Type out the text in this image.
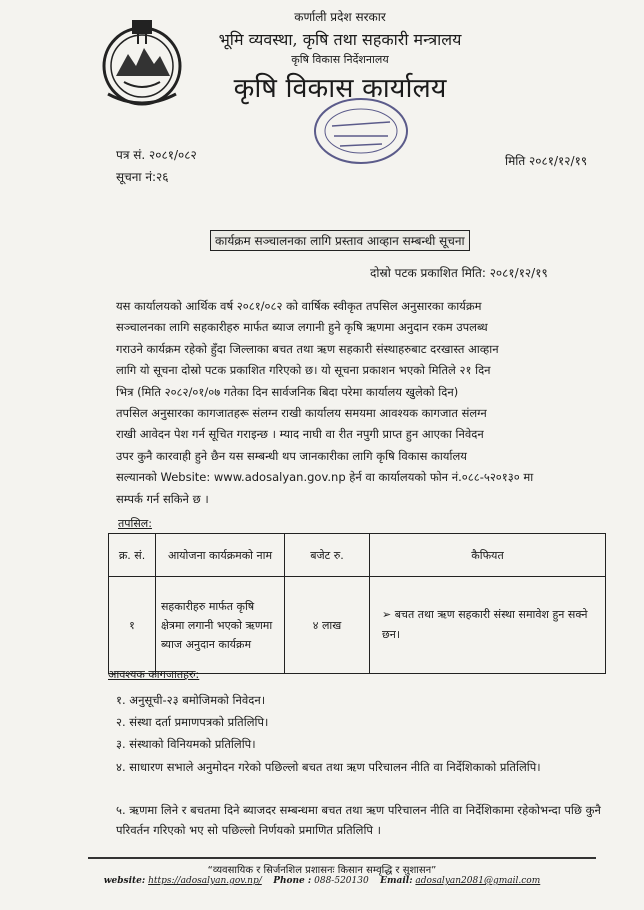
कर्णाली प्रदेश सरकार
भूमि व्यवस्था, कृषि तथा सहकारी मन्त्रालय
कृषि विकास निर्देशनालय
कृषि विकास कार्यालय
पत्र सं. २०८१/०८२
सूचना नं:२६
मिति २०८१/१२/१९
कार्यक्रम सञ्चालनका लागि प्रस्ताव आव्हान सम्बन्धी सूचना
दोस्रो पटक प्रकाशित मिति: २०८१/१२/१९
यस कार्यालयको आर्थिक वर्ष २०८१/०८२ को वार्षिक स्वीकृत तपसिल अनुसारका कार्यक्रम
सञ्चालनका लागि सहकारीहरु मार्फत ब्याज लगानी हुने कृषि ऋणमा अनुदान रकम उपलब्ध
गराउने कार्यक्रम रहेको हुँदा जिल्लाका बचत तथा ऋण सहकारी संस्थाहरुबाट दरखास्त आव्हान
लागि यो सूचना दोस्रो पटक प्रकाशित गरिएको छ। यो सूचना प्रकाशन भएको मितिले २१ दिन
भित्र (मिति २०८२/०१/०७ गतेका दिन सार्वजनिक बिदा परेमा कार्यालय खुलेको दिन)
तपसिल अनुसारका कागजातहरू संलग्न राखी कार्यालय समयमा आवश्यक कागजात संलग्न
राखी आवेदन पेश गर्न सूचित गराइन्छ । म्याद नाघी वा रीत नपुगी प्राप्त हुन आएका निवेदन
उपर कुनै कारवाही हुने छैन यस सम्बन्धी थप जानकारीका लागि कृषि विकास कार्यालय
सल्यानको Website: www.adosalyan.gov.np हेर्न वा कार्यालयको फोन नं.०८८-५२०१३० मा
सम्पर्क गर्न सकिने छ ।
तपसिल:
क्र. सं.	आयोजना कार्यक्रमको नाम	बजेट रु.	कैफियत
१	सहकारीहरु मार्फत कृषि क्षेत्रमा लगानी भएको ऋणमा ब्याज अनुदान कार्यक्रम	४ लाख	➢ बचत तथा ऋण सहकारी संस्था समावेश हुन सक्ने छन।
आवश्यक कागजातहरु:
१. अनुसूची-२३ बमोजिमको निवेदन।
२. संस्था दर्ता प्रमाणपत्रको प्रतिलिपि।
३. संस्थाको विनियमको प्रतिलिपि।
४. साधारण सभाले अनुमोदन गरेको पछिल्लो बचत तथा ऋण परिचालन नीति वा निर्देशिकाको प्रतिलिपि।
५. ऋणमा लिने र बचतमा दिने ब्याजदर सम्बन्धमा बचत तथा ऋण परिचालन नीति वा निर्देशिकामा रहेकोभन्दा पछि कुनै परिवर्तन गरिएको भए सो पछिल्लो निर्णयको प्रमाणित प्रतिलिपि ।
“व्यवसायिक र सिर्जनशिल प्रशासनः किसान सम्वृद्धि र सुशासन”
website: https://adosalyan.gov.np/ Phone : 088-520130 Email: adosalyan2081@gmail.com
